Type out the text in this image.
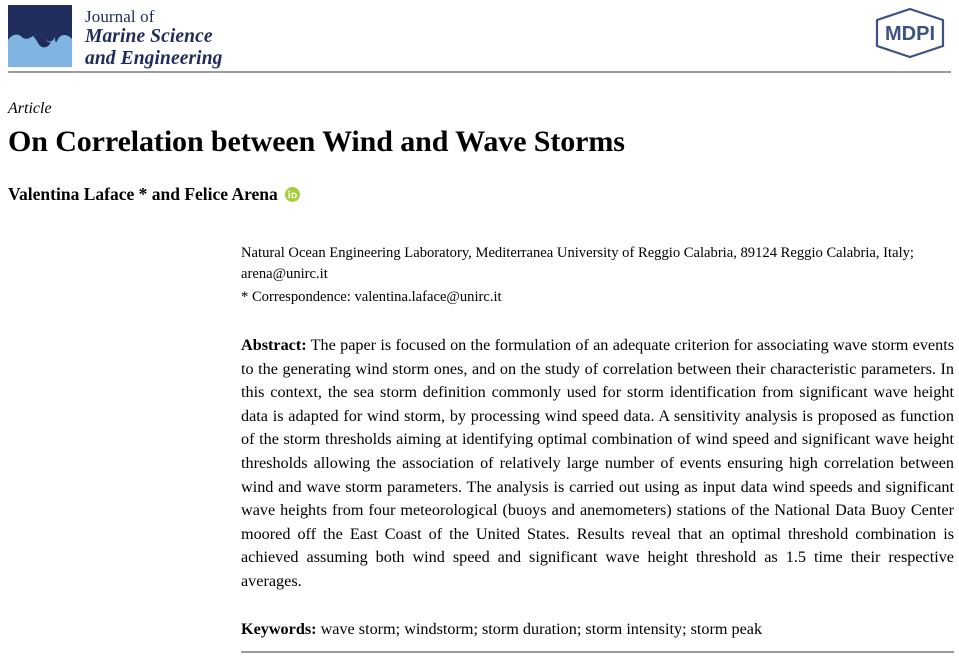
Journal of
Marine Science
and Engineering
MDPI

Article

On Correlation between Wind and Wave Storms
Valentina Laface * and Felice Arena

Natural Ocean Engineering Laboratory, Mediterranea University of Reggio Calabria, 89124 Reggio Calabria, Italy; arena@unirc.it

* Correspondence: valentina.laface@unirc.it

Abstract: The paper is focused on the formulation of an adequate criterion for associating wave storm events to the generating wind storm ones, and on the study of correlation between their characteristic parameters. In this context, the sea storm definition commonly used for storm identification from significant wave height data is adapted for wind storm, by processing wind speed data. A sensitivity analysis is proposed as function of the storm thresholds aiming at identifying optimal combination of wind speed and significant wave height thresholds allowing the association of relatively large number of events ensuring high correlation between wind and wave storm parameters. The analysis is carried out using as input data wind speeds and significant wave heights from four meteorological (buoys and anemometers) stations of the National Data Buoy Center moored off the East Coast of the United States. Results reveal that an optimal threshold combination is achieved assuming both wind speed and significant wave height threshold as 1.5 time their respective averages.

Keywords: wave storm; windstorm; storm duration; storm intensity; storm peak
